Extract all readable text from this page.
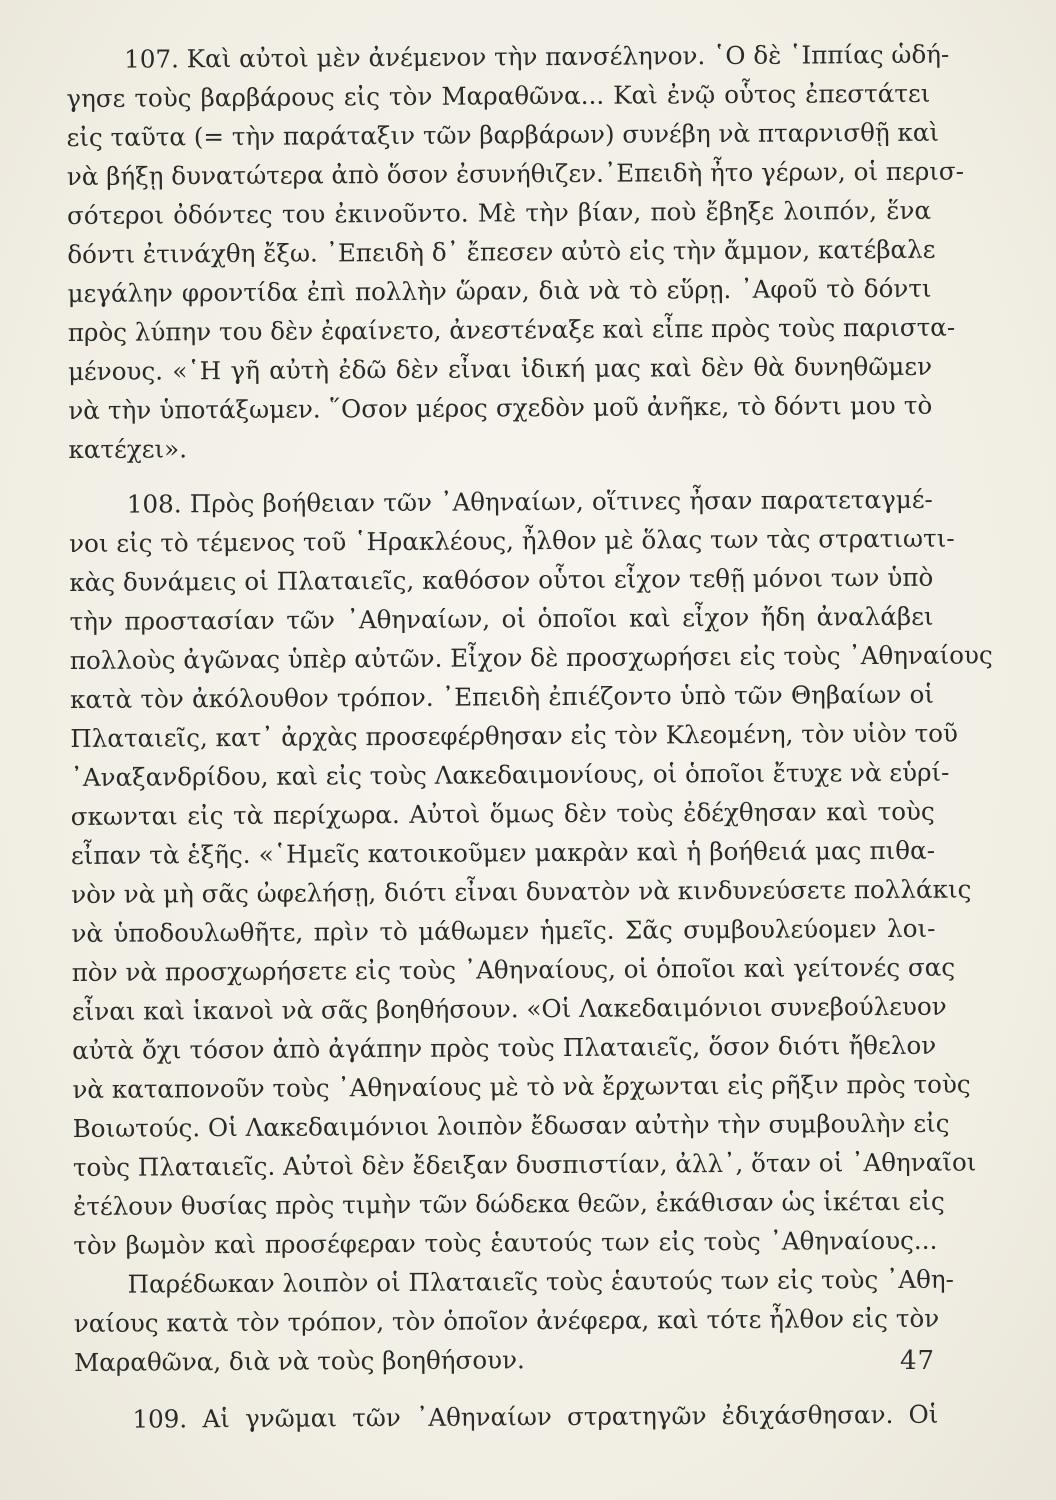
107. Καὶ αὐτοὶ μὲν ἀνέμενον τὴν πανσέληνον. ῾Ο δὲ ῾Ιππίας ὡδή-
γησε τοὺς βαρβάρους εἰς τὸν Μαραθῶνα... Καὶ ἐνῷ οὗτος ἐπεστάτει
εἰς ταῦτα (= τὴν παράταξιν τῶν βαρβάρων) συνέβη νὰ πταρνισθῇ καὶ
νὰ βήξῃ δυνατώτερα ἀπὸ ὅσον ἐσυνήθιζεν.᾿Επειδὴ ἦτο γέρων, οἱ περισ-
σότεροι ὀδόντες του ἐκινοῦντο. Μὲ τὴν βίαν, ποὺ ἔβηξε λοιπόν, ἕνα
δόντι ἐτινάχθη ἔξω. ᾿Επειδὴ δ᾿ ἔπεσεν αὐτὸ εἰς τὴν ἄμμον, κατέβαλε
μεγάλην φροντίδα ἐπὶ πολλὴν ὥραν, διὰ νὰ τὸ εὕρῃ. ᾿Αφοῦ τὸ δόντι
πρὸς λύπην του δὲν ἐφαίνετο, ἀνεστέναξε καὶ εἶπε πρὸς τοὺς παριστα-
μένους. «῾Η γῆ αὐτὴ ἐδῶ δὲν εἶναι ἰδική μας καὶ δὲν θὰ δυνηθῶμεν
νὰ τὴν ὑποτάξωμεν. ῞Οσον μέρος σχεδὸν μοῦ ἀνῆκε, τὸ δόντι μου τὸ
κατέχει».
108. Πρὸς βοήθειαν τῶν ᾿Αθηναίων, οἵτινες ἦσαν παρατεταγμέ-
νοι εἰς τὸ τέμενος τοῦ ῾Ηρακλέους, ἦλθον μὲ ὅλας των τὰς στρατιωτι-
κὰς δυνάμεις οἱ Πλαταιεῖς, καθόσον οὗτοι εἶχον τεθῇ μόνοι των ὑπὸ
τὴν προστασίαν τῶν ᾿Αθηναίων, οἱ ὁποῖοι καὶ εἶχον ἤδη ἀναλάβει
πολλοὺς ἀγῶνας ὑπὲρ αὐτῶν. Εἶχον δὲ προσχωρήσει εἰς τοὺς ᾿Αθηναίους
κατὰ τὸν ἀκόλουθον τρόπον. ᾿Επειδὴ ἐπιέζοντο ὑπὸ τῶν Θηβαίων οἱ
Πλαταιεῖς, κατ᾿ ἀρχὰς προσεφέρθησαν εἰς τὸν Κλεομένη, τὸν υἱὸν τοῦ
᾿Αναξανδρίδου, καὶ εἰς τοὺς Λακεδαιμονίους, οἱ ὁποῖοι ἔτυχε νὰ εὑρί-
σκωνται εἰς τὰ περίχωρα. Αὐτοὶ ὅμως δὲν τοὺς ἐδέχθησαν καὶ τοὺς
εἶπαν τὰ ἑξῆς. «῾Ημεῖς κατοικοῦμεν μακρὰν καὶ ἡ βοήθειά μας πιθα-
νὸν νὰ μὴ σᾶς ὠφελήσῃ, διότι εἶναι δυνατὸν νὰ κινδυνεύσετε πολλάκις
νὰ ὑποδουλωθῆτε, πρὶν τὸ μάθωμεν ἡμεῖς. Σᾶς συμβουλεύομεν λοι-
πὸν νὰ προσχωρήσετε εἰς τοὺς ᾿Αθηναίους, οἱ ὁποῖοι καὶ γείτονές σας
εἶναι καὶ ἱκανοὶ νὰ σᾶς βοηθήσουν. «Οἱ Λακεδαιμόνιοι συνεβούλευον
αὐτὰ ὄχι τόσον ἀπὸ ἀγάπην πρὸς τοὺς Πλαταιεῖς, ὅσον διότι ἤθελον
νὰ καταπονοῦν τοὺς ᾿Αθηναίους μὲ τὸ νὰ ἔρχωνται εἰς ρῆξιν πρὸς τοὺς
Βοιωτούς. Οἱ Λακεδαιμόνιοι λοιπὸν ἔδωσαν αὐτὴν τὴν συμβουλὴν εἰς
τοὺς Πλαταιεῖς. Αὐτοὶ δὲν ἔδειξαν δυσπιστίαν, ἀλλ᾿, ὅταν οἱ ᾿Αθηναῖοι
ἐτέλουν θυσίας πρὸς τιμὴν τῶν δώδεκα θεῶν, ἐκάθισαν ὡς ἱκέται εἰς
τὸν βωμὸν καὶ προσέφεραν τοὺς ἑαυτούς των εἰς τοὺς ᾿Αθηναίους...
Παρέδωκαν λοιπὸν οἱ Πλαταιεῖς τοὺς ἑαυτούς των εἰς τοὺς ᾿Αθη-
ναίους κατὰ τὸν τρόπον, τὸν ὁποῖον ἀνέφερα, καὶ τότε ἦλθον εἰς τὸν
Μαραθῶνα, διὰ νὰ τοὺς βοηθήσουν.
109. Αἱ γνῶμαι τῶν ᾿Αθηναίων στρατηγῶν ἐδιχάσθησαν. Οἱ
47
